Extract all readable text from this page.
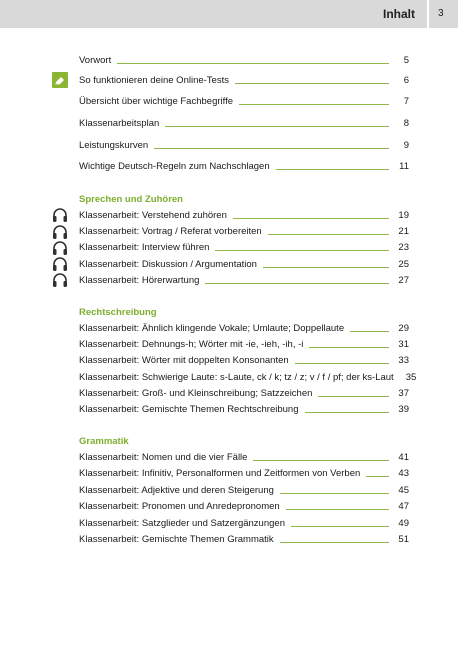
Inhalt 3
Vorwort	5
So funktionieren deine Online-Tests	6
Übersicht über wichtige Fachbegriffe	7
Klassenarbeitsplan	8
Leistungskurven	9
Wichtige Deutsch-Regeln zum Nachschlagen	11
Sprechen und Zuhören
Klassenarbeit: Verstehend zuhören	19
Klassenarbeit: Vortrag / Referat vorbereiten	21
Klassenarbeit: Interview führen	23
Klassenarbeit: Diskussion / Argumentation	25
Klassenarbeit: Hörerwartung	27
Rechtschreibung
Klassenarbeit: Ähnlich klingende Vokale; Umlaute; Doppellaute	29
Klassenarbeit: Dehnungs-h; Wörter mit -ie, -ieh, -ih, -i	31
Klassenarbeit: Wörter mit doppelten Konsonanten	33
Klassenarbeit: Schwierige Laute: s-Laute, ck / k; tz / z; v / f / pf; der ks-Laut 35
Klassenarbeit: Groß- und Kleinschreibung; Satzzeichen	37
Klassenarbeit: Gemischte Themen Rechtschreibung	39
Grammatik
Klassenarbeit: Nomen und die vier Fälle	41
Klassenarbeit: Infinitiv, Personalformen und Zeitformen von Verben	43
Klassenarbeit: Adjektive und deren Steigerung	45
Klassenarbeit: Pronomen und Anredepronomen	47
Klassenarbeit: Satzglieder und Satzergänzungen	49
Klassenarbeit: Gemischte Themen Grammatik	51
